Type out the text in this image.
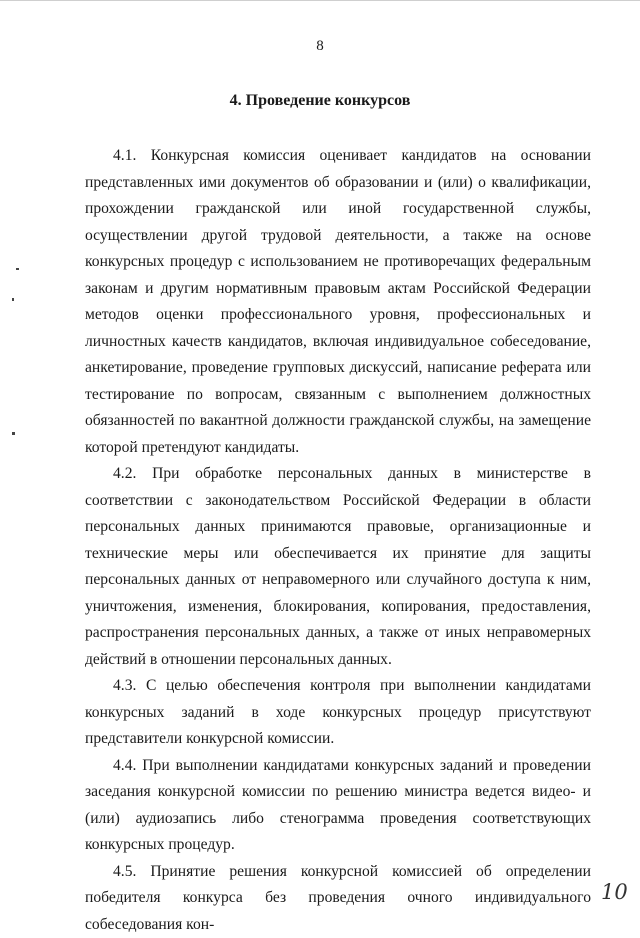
8
4. Проведение конкурсов

4.1. Конкурсная комиссия оценивает кандидатов на основании представленных ими документов об образовании и (или) о квалификации, прохождении гражданской или иной государственной службы, осуществлении другой трудовой деятельности, а также на основе конкурсных процедур с использованием не противоречащих федеральным законам и другим нормативным правовым актам Российской Федерации методов оценки профессионального уровня, профессиональных и личностных качеств кандидатов, включая индивидуальное собеседование, анкетирование, проведение групповых дискуссий, написание реферата или тестирование по вопросам, связанным с выполнением должностных обязанностей по вакантной должности гражданской службы, на замещение которой претендуют кандидаты.

4.2. При обработке персональных данных в министерстве в соответствии с законодательством Российской Федерации в области персональных данных принимаются правовые, организационные и технические меры или обеспечивается их принятие для защиты персональных данных от неправомерного или случайного доступа к ним, уничтожения, изменения, блокирования, копирования, предоставления, распространения персональных данных, а также от иных неправомерных действий в отношении персональных данных.

4.3. С целью обеспечения контроля при выполнении кандидатами конкурсных заданий в ходе конкурсных процедур присутствуют представители конкурсной комиссии.

4.4. При выполнении кандидатами конкурсных заданий и проведении заседания конкурсной комиссии по решению министра ведется видео- и (или) аудиозапись либо стенограмма проведения соответствующих конкурсных процедур.

4.5. Принятие решения конкурсной комиссией об определении победителя конкурса без проведения очного индивидуального собеседования кон-

10
